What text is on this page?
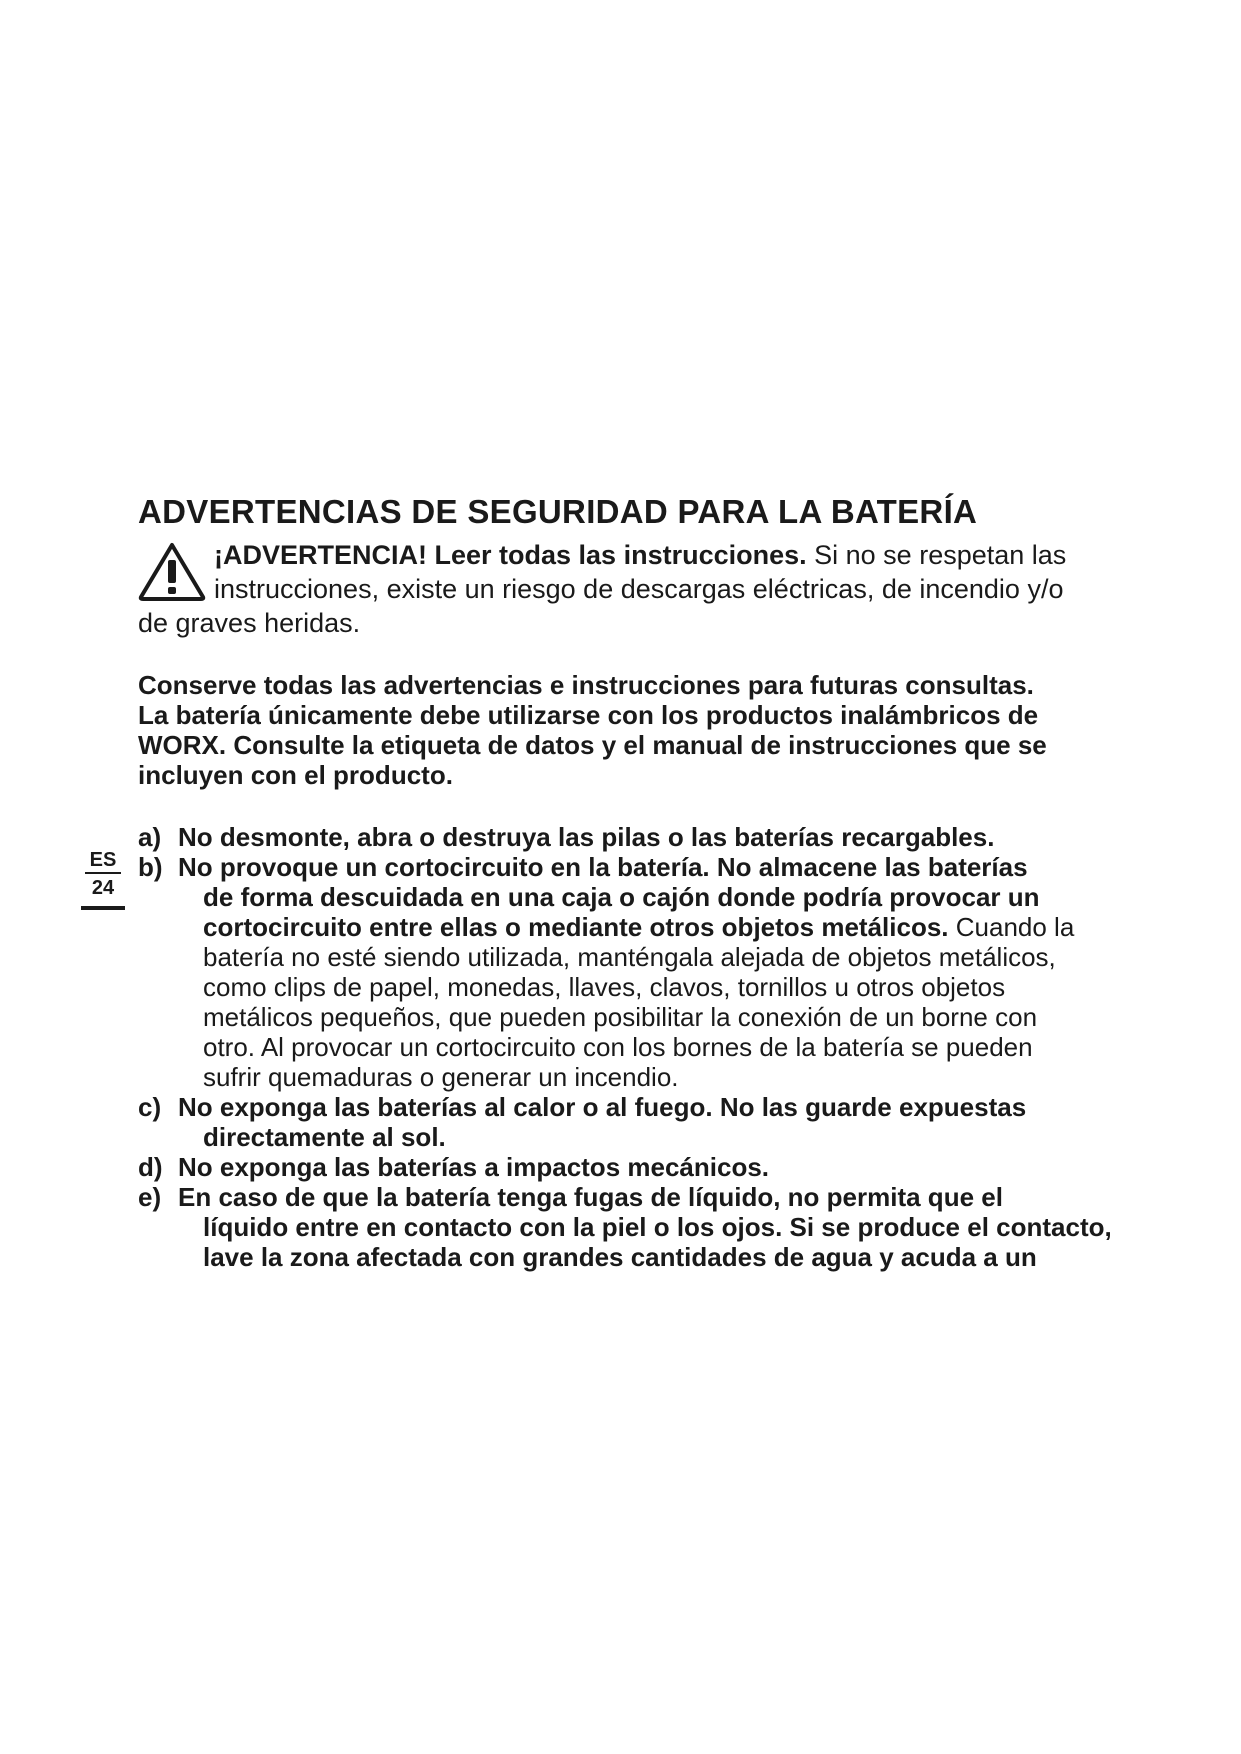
ES
24
ADVERTENCIAS DE SEGURIDAD PARA LA BATERÍA
¡ADVERTENCIA! Leer todas las instrucciones. Si no se respetan las
instrucciones, existe un riesgo de descargas eléctricas, de incendio y/o
de graves heridas.
Conserve todas las advertencias e instrucciones para futuras consultas.
La batería únicamente debe utilizarse con los productos inalámbricos de
WORX. Consulte la etiqueta de datos y el manual de instrucciones que se
incluyen con el producto.
a) No desmonte, abra o destruya las pilas o las baterías recargables.
b) No provoque un cortocircuito en la batería. No almacene las baterías
de forma descuidada en una caja o cajón donde podría provocar un
cortocircuito entre ellas o mediante otros objetos metálicos. Cuando la
batería no esté siendo utilizada, manténgala alejada de objetos metálicos,
como clips de papel, monedas, llaves, clavos, tornillos u otros objetos
metálicos pequeños, que pueden posibilitar la conexión de un borne con
otro. Al provocar un cortocircuito con los bornes de la batería se pueden
sufrir quemaduras o generar un incendio.
c) No exponga las baterías al calor o al fuego. No las guarde expuestas
directamente al sol.
d) No exponga las baterías a impactos mecánicos.
e) En caso de que la batería tenga fugas de líquido, no permita que el
líquido entre en contacto con la piel o los ojos. Si se produce el contacto,
lave la zona afectada con grandes cantidades de agua y acuda a un
